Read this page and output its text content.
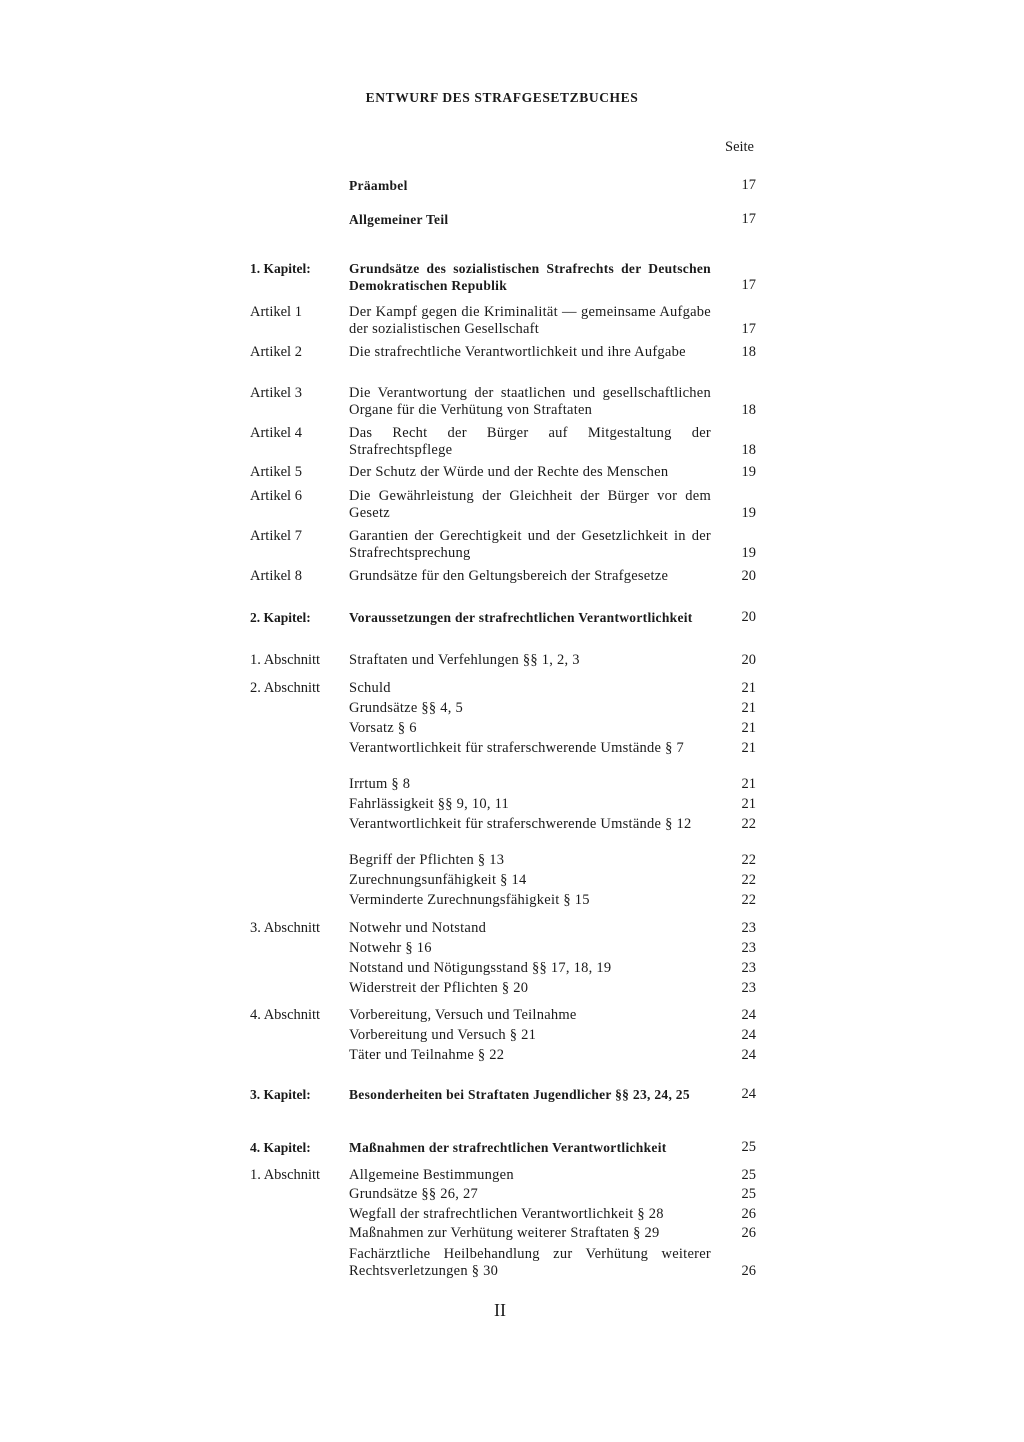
ENTWURF DES STRAFGESETZBUCHES
Seite
Präambel	17
Allgemeiner Teil	17
1. Kapitel:	Grundsätze des sozialistischen Strafrechts der Deutschen Demokratischen Republik	17
Artikel 1	Der Kampf gegen die Kriminalität — gemeinsame Aufgabe der sozialistischen Gesellschaft	17
Artikel 2	Die strafrechtliche Verantwortlichkeit und ihre Aufgabe	18
Artikel 3	Die Verantwortung der staatlichen und gesellschaftlichen Organe für die Verhütung von Straftaten	18
Artikel 4	Das Recht der Bürger auf Mitgestaltung der Strafrechtspflege	18
Artikel 5	Der Schutz der Würde und der Rechte des Menschen	19
Artikel 6	Die Gewährleistung der Gleichheit der Bürger vor dem Gesetz	19
Artikel 7	Garantien der Gerechtigkeit und der Gesetzlichkeit in der Strafrechtsprechung	19
Artikel 8	Grundsätze für den Geltungsbereich der Strafgesetze	20
2. Kapitel:	Voraussetzungen der strafrechtlichen Verantwortlichkeit	20
1. Abschnitt	Straftaten und Verfehlungen §§ 1, 2, 3	20
2. Abschnitt	Schuld	21
Grundsätze §§ 4, 5	21
Vorsatz § 6	21
Verantwortlichkeit für straferschwerende Umstände § 7	21
Irrtum § 8	21
Fahrlässigkeit §§ 9, 10, 11	21
Verantwortlichkeit für straferschwerende Umstände § 12	22
Begriff der Pflichten § 13	22
Zurechnungsunfähigkeit § 14	22
Verminderte Zurechnungsfähigkeit § 15	22
3. Abschnitt	Notwehr und Notstand	23
Notwehr § 16	23
Notstand und Nötigungsstand §§ 17, 18, 19	23
Widerstreit der Pflichten § 20	23
4. Abschnitt	Vorbereitung, Versuch und Teilnahme	24
Vorbereitung und Versuch § 21	24
Täter und Teilnahme § 22	24
3. Kapitel:	Besonderheiten bei Straftaten Jugendlicher §§ 23, 24, 25	24
4. Kapitel:	Maßnahmen der strafrechtlichen Verantwortlichkeit	25
1. Abschnitt	Allgemeine Bestimmungen	25
Grundsätze §§ 26, 27	25
Wegfall der strafrechtlichen Verantwortlichkeit § 28	26
Maßnahmen zur Verhütung weiterer Straftaten § 29	26
Fachärztliche Heilbehandlung zur Verhütung weiterer Rechtsverletzungen § 30	26
II
